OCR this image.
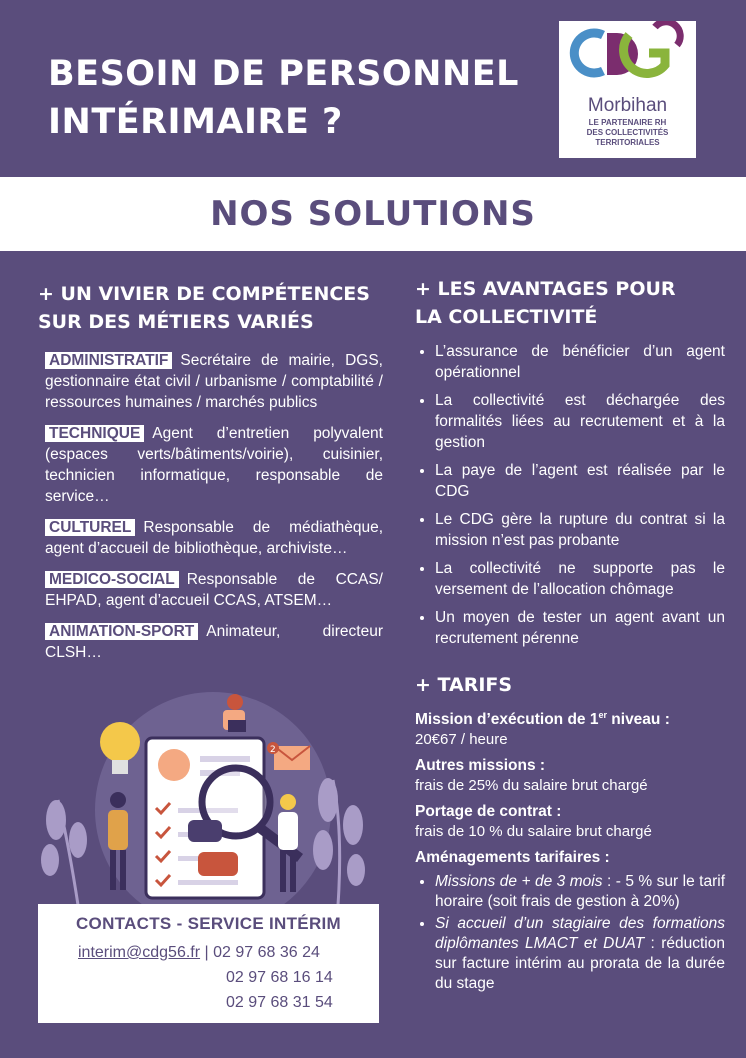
BESOIN DE PERSONNEL
INTÉRIMAIRE ?	Morbihan
LE PARTENAIRE RH
DES COLLECTIVITÉS
TERRITORIALES
NOS SOLUTIONS
+ UN VIVIER DE COMPÉTENCES
SUR DES MÉTIERS VARIÉS
ADMINISTRATIF Secrétaire de mairie, DGS, gestionnaire état civil / urbanisme / comptabilité / ressources humaines / marchés publics
TECHNIQUE Agent d’entretien polyvalent (espaces verts/bâtiments/voirie), cuisinier, technicien informatique, responsable de service…
CULTUREL Responsable de médiathèque, agent d’accueil de bibliothèque, archiviste…
MEDICO-SOCIAL Responsable de CCAS/ EHPAD, agent d’accueil CCAS, ATSEM…
ANIMATION-SPORT Animateur, directeur CLSH…
2
CONTACTS - SERVICE INTÉRIM
interim@cdg56.fr | 02 97 68 36 24
02 97 68 16 14
02 97 68 31 54
+ LES AVANTAGES POUR
LA COLLECTIVITÉ
• L’assurance de bénéficier d’un agent opérationnel
• La collectivité est déchargée des formalités liées au recrutement et à la gestion
• La paye de l’agent est réalisée par le CDG
• Le CDG gère la rupture du contrat si la mission n’est pas probante
• La collectivité ne supporte pas le versement de l’allocation chômage
• Un moyen de tester un agent avant un recrutement pérenne
+ TARIFS
Mission d’exécution de 1er niveau :
20€67 / heure
Autres missions :
frais de 25% du salaire brut chargé
Portage de contrat :
frais de 10 % du salaire brut chargé
Aménagements tarifaires :
• Missions de + de 3 mois : - 5 % sur le tarif horaire (soit frais de gestion à 20%)
• Si accueil d’un stagiaire des formations diplômantes LMACT et DUAT : réduction sur facture intérim au prorata de la durée du stage
